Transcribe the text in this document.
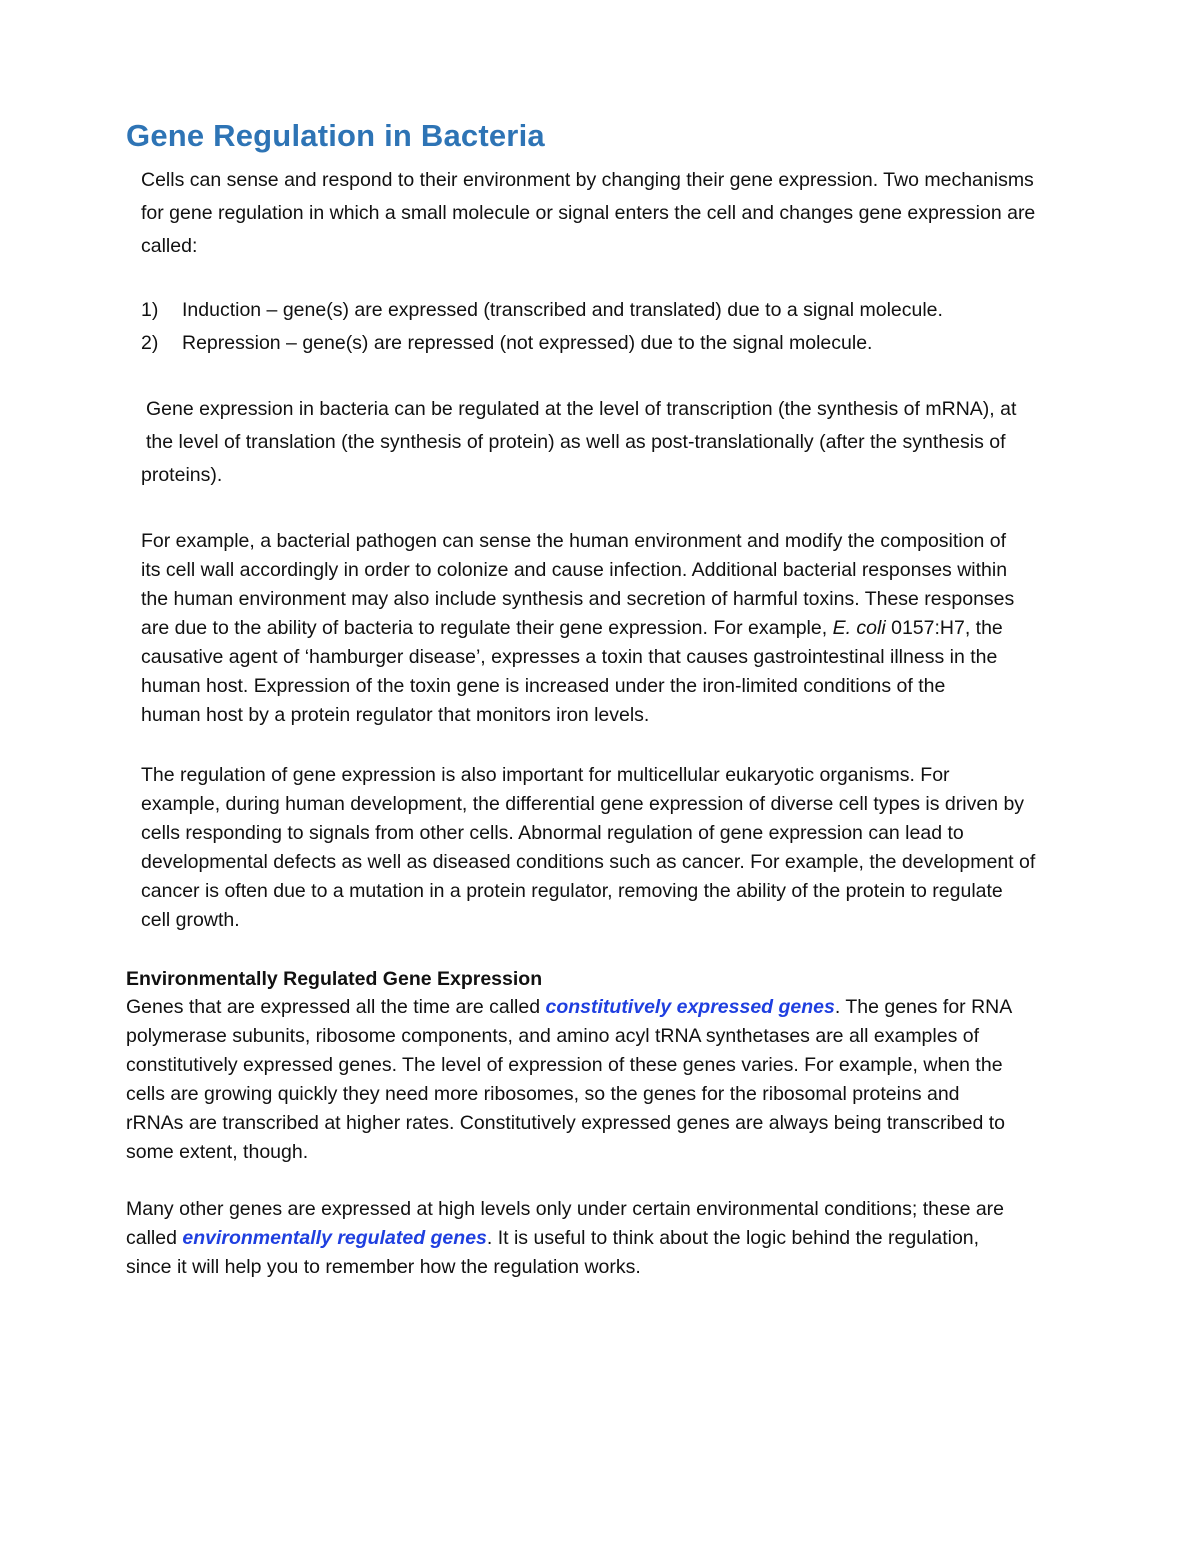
Gene Regulation in Bacteria

Cells can sense and respond to their environment by changing their gene expression. Two mechanisms
for gene regulation in which a small molecule or signal enters the cell and changes gene expression are
called:

1)	Induction – gene(s) are expressed (transcribed and translated) due to a signal molecule.
2)	Repression – gene(s) are repressed (not expressed) due to the signal molecule.

Gene expression in bacteria can be regulated at the level of transcription (the synthesis of mRNA), at
the level of translation (the synthesis of protein) as well as post-translationally (after the synthesis of
proteins).

For example, a bacterial pathogen can sense the human environment and modify the composition of
its cell wall accordingly in order to colonize and cause infection. Additional bacterial responses within
the human environment may also include synthesis and secretion of harmful toxins. These responses
are due to the ability of bacteria to regulate their gene expression. For example, E. coli 0157:H7, the
causative agent of ‘hamburger disease’, expresses a toxin that causes gastrointestinal illness in the
human host. Expression of the toxin gene is increased under the iron-limited conditions of the
human host by a protein regulator that monitors iron levels.

The regulation of gene expression is also important for multicellular eukaryotic organisms. For
example, during human development, the differential gene expression of diverse cell types is driven by
cells responding to signals from other cells. Abnormal regulation of gene expression can lead to
developmental defects as well as diseased conditions such as cancer. For example, the development of
cancer is often due to a mutation in a protein regulator, removing the ability of the protein to regulate
cell growth.

Environmentally Regulated Gene Expression

Genes that are expressed all the time are called constitutively expressed genes. The genes for RNA
polymerase subunits, ribosome components, and amino acyl tRNA synthetases are all examples of
constitutively expressed genes. The level of expression of these genes varies. For example, when the
cells are growing quickly they need more ribosomes, so the genes for the ribosomal proteins and
rRNAs are transcribed at higher rates. Constitutively expressed genes are always being transcribed to
some extent, though.

Many other genes are expressed at high levels only under certain environmental conditions; these are
called environmentally regulated genes. It is useful to think about the logic behind the regulation,
since it will help you to remember how the regulation works.
